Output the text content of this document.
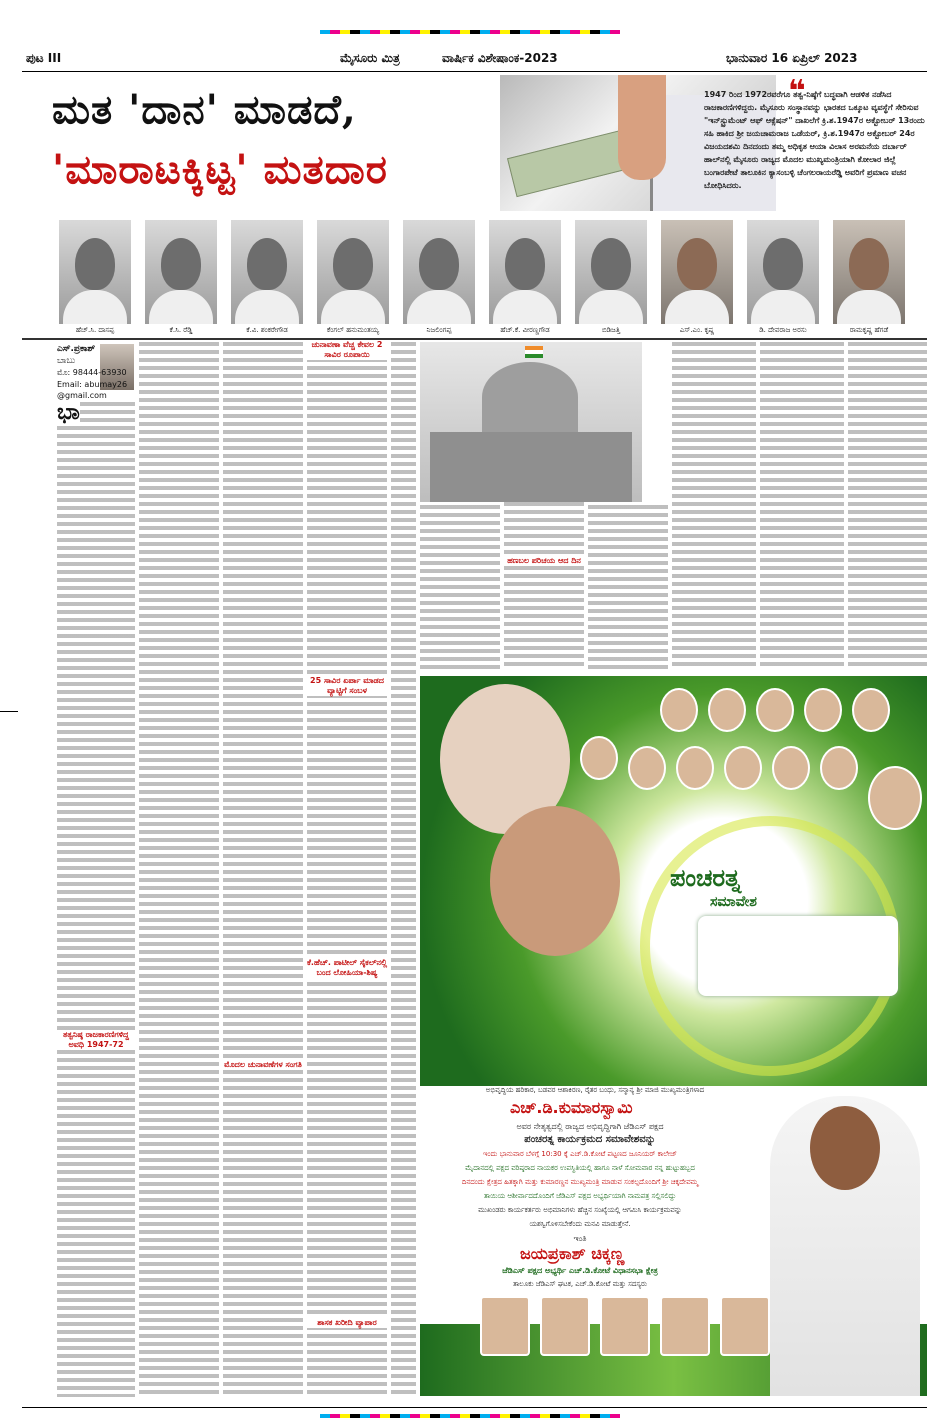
ಪುಟ III	ಮೈಸೂರು ಮಿತ್ರ	ವಾರ್ಷಿಕ ವಿಶೇಷಾಂಕ-2023	ಭಾನುವಾರ 16 ಏಪ್ರಿಲ್ 2023
ಮತ 'ದಾನ' ಮಾಡದೆ,
'ಮಾರಾಟಕ್ಕಿಟ್ಟ' ಮತದಾರ
❝
1947 ರಿಂದ 1972ರವರೆಗೂ ತತ್ವ-ನಿಷ್ಠೆಗೆ ಬದ್ಧವಾಗಿ ಆಡಳಿತ ನಡೆಸಿದ ರಾಜಕಾರಣಿಗಳಿದ್ದರು. ಮೈಸೂರು ಸಂಸ್ಥಾನವನ್ನು ಭಾರತದ ಒಕ್ಕೂಟ ವ್ಯವಸ್ಥೆಗೆ ಸೇರಿಸುವ "ಇನ್‌ಸ್ಟ್ರುಮೆಂಟ್ ಆಫ್ ಆಕ್ಸೆಷನ್" ದಾಖಲೆಗೆ ಕ್ರಿ.ಶ.1947ರ ಅಕ್ಟೋಬರ್ 13ರಂದು ಸಹಿ ಹಾಕಿದ ಶ್ರೀ ಜಯಚಾಮರಾಜ ಒಡೆಯರ್, ಕ್ರಿ.ಶ.1947ರ ಅಕ್ಟೋಬರ್ 24ರ ವಿಜಯದಶಮಿ ದಿನದಂದು ತಮ್ಮ ಅಧಿಕೃತ ಆಯಾ ವಿಲಾಸ ಅರಮನೆಯ ದರ್ಬಾರ್ ಹಾಲ್‌ನಲ್ಲಿ ಮೈಸೂರು ರಾಜ್ಯದ ಮೊದಲ ಮುಖ್ಯಮಂತ್ರಿಯಾಗಿ ಕೋಲಾರ ಜಿಲ್ಲೆ ಬಂಗಾರಪೇಟೆ ತಾಲೂಕಿನ ಕ್ಯಾಸಂಬಳ್ಳಿ ಚೆಂಗಲರಾಯರೆಡ್ಡಿ ಅವರಿಗೆ ಪ್ರಮಾಣ ವಚನ ಬೋಧಿಸಿದರು.
ಹೆಚ್.ಸಿ. ದಾಸಪ್ಪ	ಕೆ.ಸಿ. ರೆಡ್ಡಿ	ಕೆ.ವಿ. ಶಂಕರೇಗೌಡ	ಕೆಂಗಲ್ ಹನುಮಂತಯ್ಯ	ನಿಜಲಿಂಗಪ್ಪ	ಹೆಚ್.ಕೆ. ವೀರಣ್ಣಗೌಡ	ಬಿಡಿಜತ್ತಿ	ಎಸ್.ಎಂ. ಕೃಷ್ಣ	ಡಿ. ದೇವರಾಜ ಅರಸು	ರಾಮಕೃಷ್ಣ ಹೆಗಡೆ
ಎಸ್.ಪ್ರಕಾಶ್
ಬಾಬು
ಮೊ: 98444-63930
Email: abumay26
@gmail.com
ಭಾ
ಚುನಾವಣಾ ವೆಚ್ಚ ಕೇವಲ 2 ಸಾವಿರ ರೂಪಾಯಿ
25 ಸಾವಿರ ಏರ್ಪಾ ಮಾಡದ ವ್ಯಾಟ್ಟಿಗೆ ಸಂಬಳ
ಕೆ.ಹೆಚ್. ಪಾಟೀಲ್ ಸೈಕಲ್‌ನಲ್ಲಿ ಬಂದ ಲೋಹಿಯಾ-ಶಿಷ್ಯ
ತತ್ವನಿಷ್ಠ ರಾಜಕಾರಣಿಗಳಿದ್ದ ಅವಧಿ 1947-72
ಮೊದಲ ಚುನಾವಣೆಗಳ ಸಂಗತಿ
ಹಣಬಲ ಪರಿಚಯ ಆದ ದಿನ
ಶಾಸಕ ಖರೀದಿ ವ್ಯಾಪಾರ
ಪಂಚರತ್ನ
ಸಮಾವೇಶ
ಅಭಿವೃದ್ಧಿಯ ಹರಿಕಾರ, ಬಡವರ ಆಶಾಕಿರಣ, ರೈತರ ಬಂಧು, ಸನ್ಮಾನ್ಯ ಶ್ರೀ ಮಾಜಿ ಮುಖ್ಯಮಂತ್ರಿಗಳಾದ
ಎಚ್.ಡಿ.ಕುಮಾರಸ್ವಾಮಿ
ಅವರ ನೇತೃತ್ವದಲ್ಲಿ ರಾಜ್ಯದ ಅಭಿವೃದ್ಧಿಗಾಗಿ ಜೆಡಿಎಸ್ ಪಕ್ಷದ
ಪಂಚರತ್ನ ಕಾರ್ಯಕ್ರಮದ ಸಮಾವೇಶವನ್ನು
ಇಂದು ಭಾನುವಾರ ಬೆಳಗ್ಗೆ 10:30 ಕ್ಕೆ ಎಚ್.ಡಿ.ಕೋಟೆ ಪಟ್ಟಣದ ಜೂನಿಯರ್ ಕಾಲೇಜ್
ಮೈದಾನದಲ್ಲಿ ಪಕ್ಷದ ವರಿಷ್ಠರಾದ ನಾಯಕರ ಉಪಸ್ಥಿತಿಯಲ್ಲಿ ಹಾಗೂ ನಾಳೆ ಸೋಮವಾರ ನನ್ನ ಹುಟ್ಟುಹಬ್ಬದ
ದಿನದಂದು ಕ್ಷೇತ್ರದ ಹಿತಕ್ಕಾಗಿ ಮತ್ತು ಕುಮಾರಣ್ಣನ ಮುಖ್ಯಮಂತ್ರಿ ಮಾಡುವ ಸಂಕಲ್ಪದೊಂದಿಗೆ ಶ್ರೀ ಚಿಕ್ಕದೇವಮ್ಮ
ತಾಯಿಯ ಆಶೀರ್ವಾದದೊಂದಿಗೆ ಜೆಡಿಎಸ್ ಪಕ್ಷದ ಅಭ್ಯರ್ಥಿಯಾಗಿ ನಾಮಪತ್ರ ಸಲ್ಲಿಸಲಿದ್ದು
ಮುಖಂಡರು ಕಾರ್ಯಕರ್ತರು ಅಭಿಮಾನಿಗಳು ಹೆಚ್ಚಿನ ಸಂಖ್ಯೆಯಲ್ಲಿ ಆಗಮಿಸಿ ಕಾರ್ಯಕ್ರಮವನ್ನು
ಯಶಸ್ವಿಗೊಳಿಸಬೇಕೆಂದು ಮನವಿ ಮಾಡುತ್ತೇನೆ.
ಇಂತಿ
ಜಯಪ್ರಕಾಶ್ ಚಿಕ್ಕಣ್ಣ
ಜೆಡಿಎಸ್ ಪಕ್ಷದ ಅಭ್ಯರ್ಥಿ ಎಚ್.ಡಿ.ಕೋಟೆ ವಿಧಾನಸಭಾ ಕ್ಷೇತ್ರ
ತಾಲೂಕು ಜೆಡಿಎಸ್ ಘಟಕ, ಎಚ್.ಡಿ.ಕೋಟೆ ಮತ್ತು ಸದಸ್ಯರು
